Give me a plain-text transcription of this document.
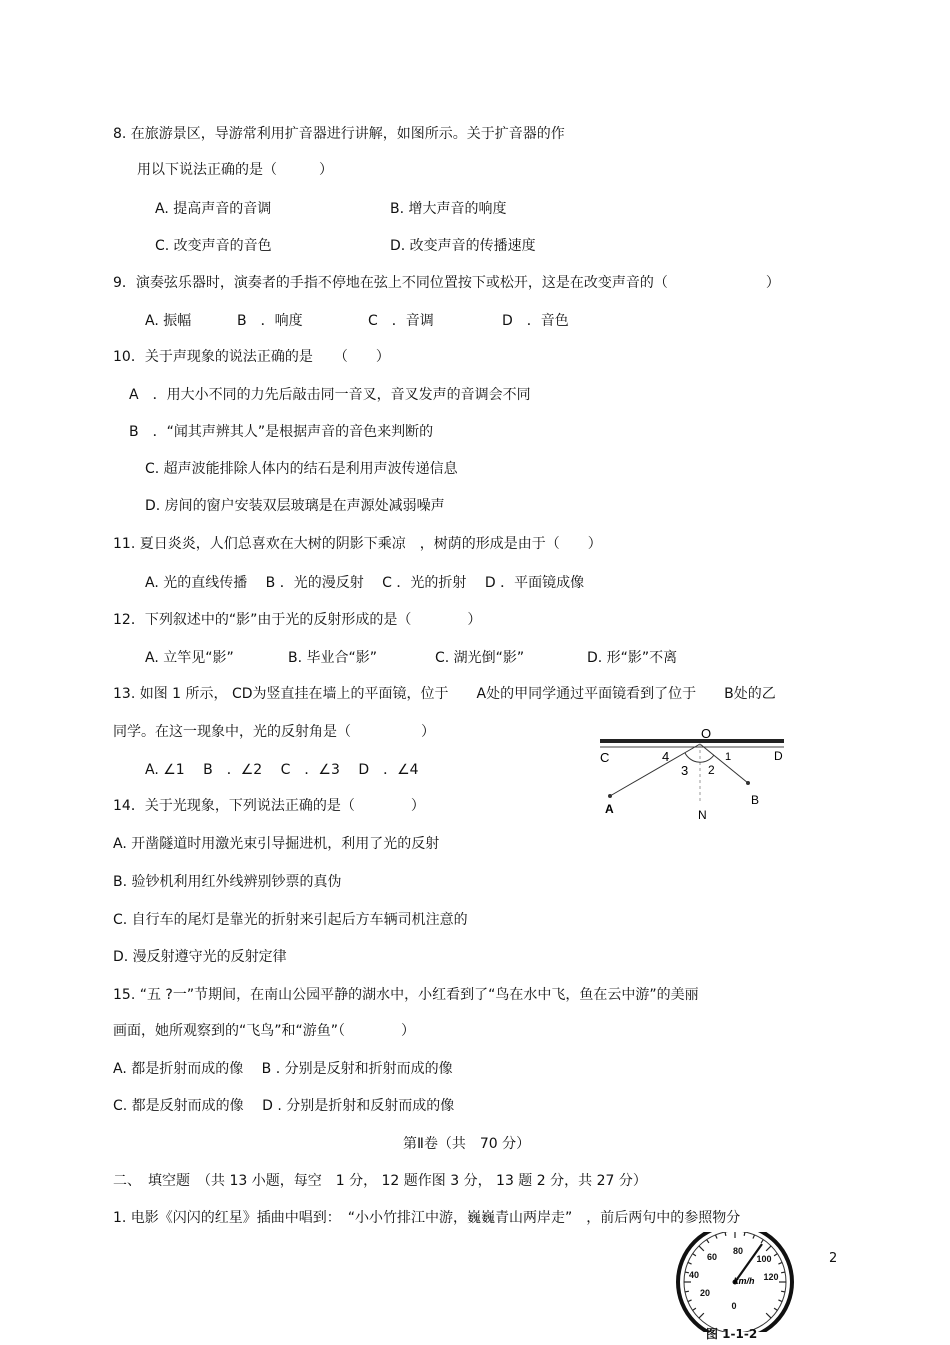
8. 在旅游景区，导游常利用扩音器进行讲解，如图所示。关于扩音器的作
用以下说法正确的是（　　　）
A. 提高声音的音调	B. 增大声音的响度
C. 改变声音的音色	D. 改变声音的传播速度
9．演奏弦乐器时，演奏者的手指不停地在弦上不同位置按下或松开，这是在改变声音的（　　　　　　　）
A. 振幅	B　．响度	C　．音调	D　．音色
10．关于声现象的说法正确的是　　（　　）
A　．用大小不同的力先后敲击同一音叉，音叉发声的音调会不同
B　．“闻其声辨其人”是根据声音的音色来判断的
C. 超声波能排除人体内的结石是利用声波传递信息
D. 房间的窗户安装双层玻璃是在声源处减弱噪声
11. 夏日炎炎，人们总喜欢在大树的阴影下乘凉　，树荫的形成是由于（　　）
A. 光的直线传播　 B ．光的漫反射　 C ．光的折射　 D ．平面镜成像
12．下列叙述中的“影”由于光的反射形成的是（　　　　）
A. 立竿见“影”	B. 毕业合“影”	C. 湖光倒“影”	D. 形“影”不离
13. 如图 1 所示， CD为竖直挂在墙上的平面镜，位于　　A处的甲同学通过平面镜看到了位于　　B处的乙
同学。在这一现象中，光的反射角是（　　　　　）
A. ∠1　 B　．∠2　 C　．∠3　 D　．∠4
O
C	D
4	1
3 2
A
B
N
14．关于光现象，下列说法正确的是（　　　　）
A. 开凿隧道时用激光束引导掘进机，利用了光的反射
B. 验钞机利用红外线辨别钞票的真伪
C. 自行车的尾灯是靠光的折射来引起后方车辆司机注意的
D. 漫反射遵守光的反射定律
15. “五 ?一”节期间，在南山公园平静的湖水中，小红看到了“鸟在水中飞，鱼在云中游”的美丽
画面，她所观察到的“飞鸟”和“游鱼”（　　　　）
A. 都是折射而成的像　 B . 分别是反射和折射而成的像
C. 都是反射而成的像　 D . 分别是折射和反射而成的像
第Ⅱ卷（共　70 分）
二、　填空题　（共 13 小题，每空　1 分， 12 题作图 3 分， 13 题 2 分，共 27 分）
1. 电影《闪闪的红星》插曲中唱到：　“小小竹排江中游，巍巍青山两岸走”　，前后两句中的参照物分
2
0
20
40
60
80
100
120
km/h
图 1-1-2
